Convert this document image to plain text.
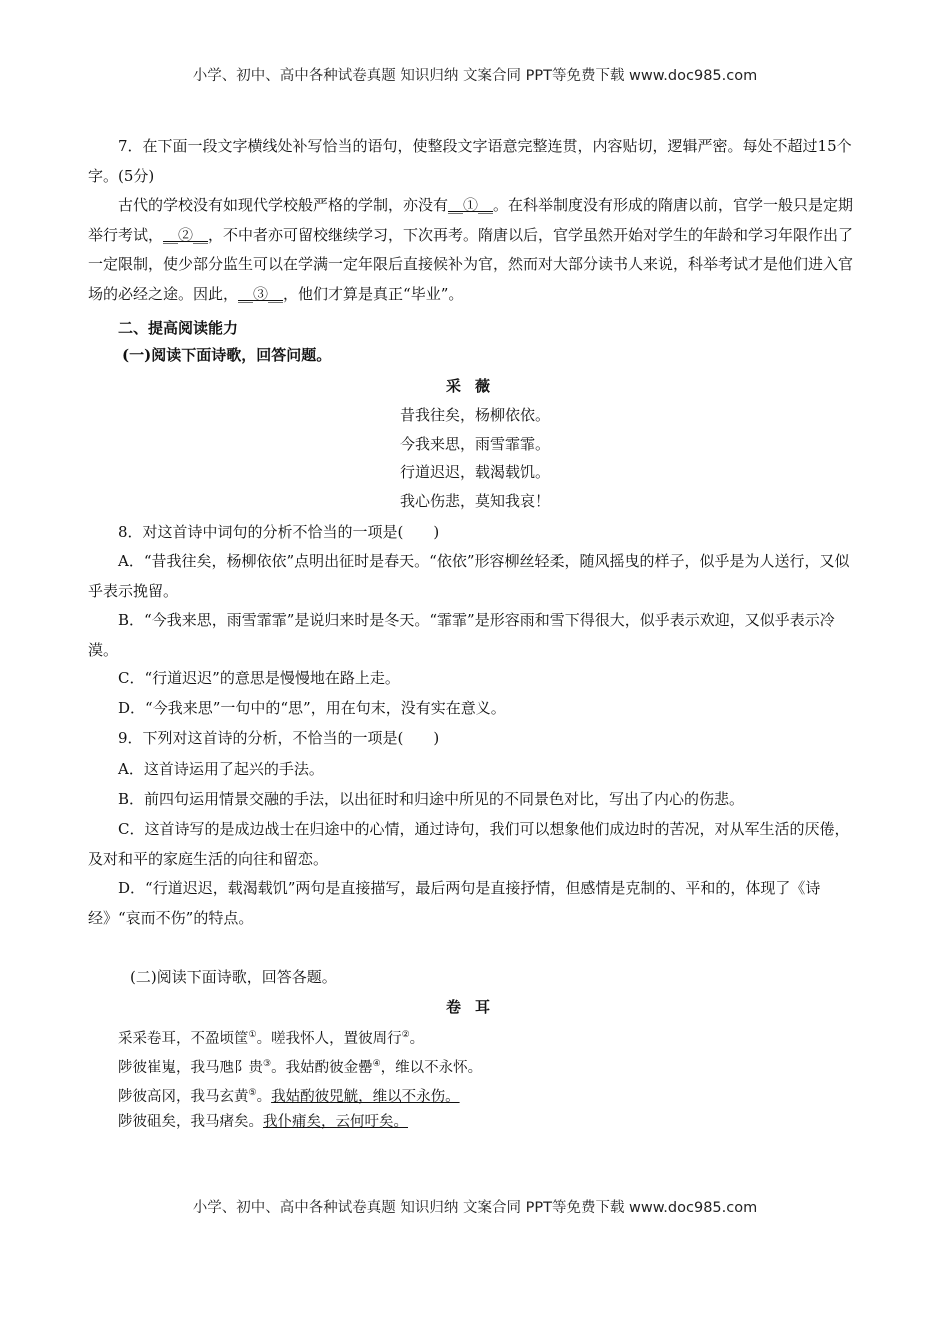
小学、初中、高中各种试卷真题 知识归纳 文案合同 PPT等免费下载 www.doc985.com

7．在下面一段文字横线处补写恰当的语句，使整段文字语意完整连贯，内容贴切，逻辑严密。每处不超过15个字。(5分)

古代的学校没有如现代学校般严格的学制，亦没有__①__。在科举制度没有形成的隋唐以前，官学一般只是定期举行考试，__②__，不中者亦可留校继续学习，下次再考。隋唐以后，官学虽然开始对学生的年龄和学习年限作出了一定限制，使少部分监生可以在学满一定年限后直接候补为官，然而对大部分读书人来说，科举考试才是他们进入官场的必经之途。因此，__③__，他们才算是真正“毕业”。

二、提高阅读能力

(一)阅读下面诗歌，回答问题。

采薇

昔我往矣，杨柳依依。

今我来思，雨雪霏霏。

行道迟迟，载渴载饥。

我心伤悲，莫知我哀！

8．对这首诗中词句的分析不恰当的一项是(　　)

A．“昔我往矣，杨柳依依”点明出征时是春天。“依依”形容柳丝轻柔，随风摇曳的样子，似乎是为人送行，又似乎表示挽留。

B．“今我来思，雨雪霏霏”是说归来时是冬天。“霏霏”是形容雨和雪下得很大，似乎表示欢迎，又似乎表示冷漠。

C．“行道迟迟”的意思是慢慢地在路上走。

D．“今我来思”一句中的“思”，用在句末，没有实在意义。

9．下列对这首诗的分析，不恰当的一项是(　　)

A．这首诗运用了起兴的手法。

B．前四句运用情景交融的手法，以出征时和归途中所见的不同景色对比，写出了内心的伤悲。

C．这首诗写的是成边战士在归途中的心情，通过诗句，我们可以想象他们成边时的苦况，对从军生活的厌倦，及对和平的家庭生活的向往和留恋。

D．“行道迟迟，载渴载饥”两句是直接描写，最后两句是直接抒情，但感情是克制的、平和的，体现了《诗经》“哀而不伤”的特点。

(二)阅读下面诗歌，回答各题。

卷耳

采采卷耳，不盈顷筐①。嗟我怀人，置彼周行②。

陟彼崔嵬，我马虺阝贵③。我姑酌彼金罍④，维以不永怀。

陟彼高冈，我马玄黄⑤。我姑酌彼兕觥，维以不永伤。

陟彼砠矣，我马瘏矣。我仆痡矣，云何吁矣。

小学、初中、高中各种试卷真题 知识归纳 文案合同 PPT等免费下载 www.doc985.com
